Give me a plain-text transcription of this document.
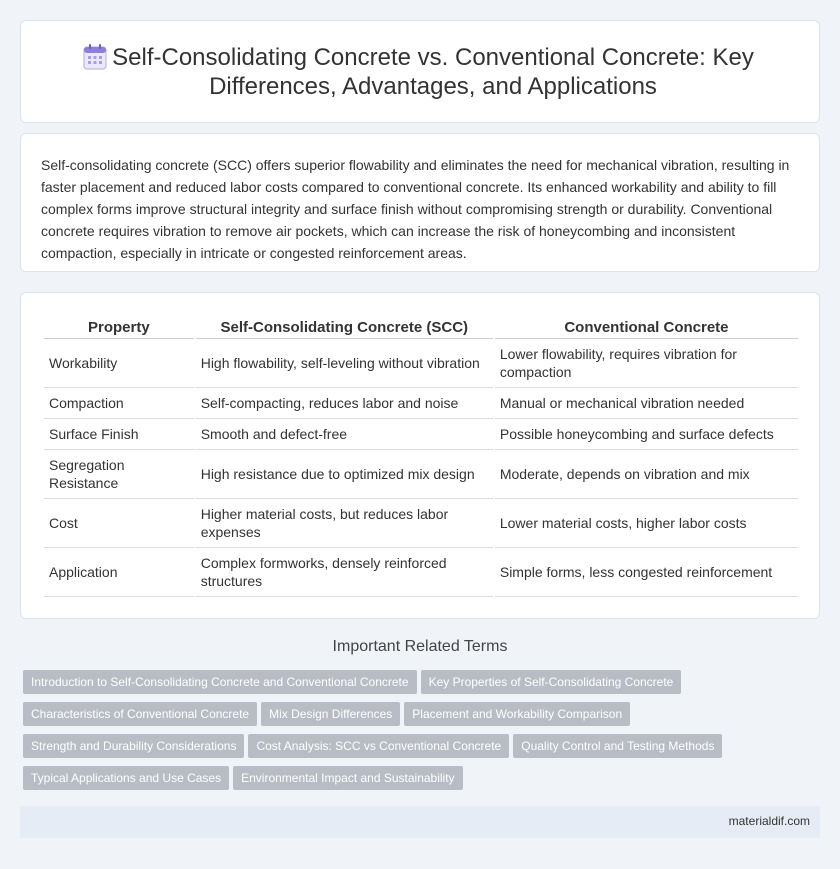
Self-Consolidating Concrete vs. Conventional Concrete: Key Differences, Advantages, and Applications

Self-consolidating concrete (SCC) offers superior flowability and eliminates the need for mechanical vibration, resulting in faster placement and reduced labor costs compared to conventional concrete. Its enhanced workability and ability to fill complex forms improve structural integrity and surface finish without compromising strength or durability. Conventional concrete requires vibration to remove air pockets, which can increase the risk of honeycombing and inconsistent compaction, especially in intricate or congested reinforcement areas.

Property	Self-Consolidating Concrete (SCC)	Conventional Concrete
Workability	High flowability, self-leveling without vibration	Lower flowability, requires vibration for compaction
Compaction	Self-compacting, reduces labor and noise	Manual or mechanical vibration needed
Surface Finish	Smooth and defect-free	Possible honeycombing and surface defects
Segregation Resistance	High resistance due to optimized mix design	Moderate, depends on vibration and mix
Cost	Higher material costs, but reduces labor expenses	Lower material costs, higher labor costs
Application	Complex formworks, densely reinforced structures	Simple forms, less congested reinforcement
Important Related Terms
Introduction to Self-Consolidating Concrete and Conventional Concrete Key Properties of Self-Consolidating Concrete
Characteristics of Conventional Concrete Mix Design Differences Placement and Workability Comparison
Strength and Durability Considerations Cost Analysis: SCC vs Conventional Concrete Quality Control and Testing Methods
Typical Applications and Use Cases Environmental Impact and Sustainability
materialdif.com
